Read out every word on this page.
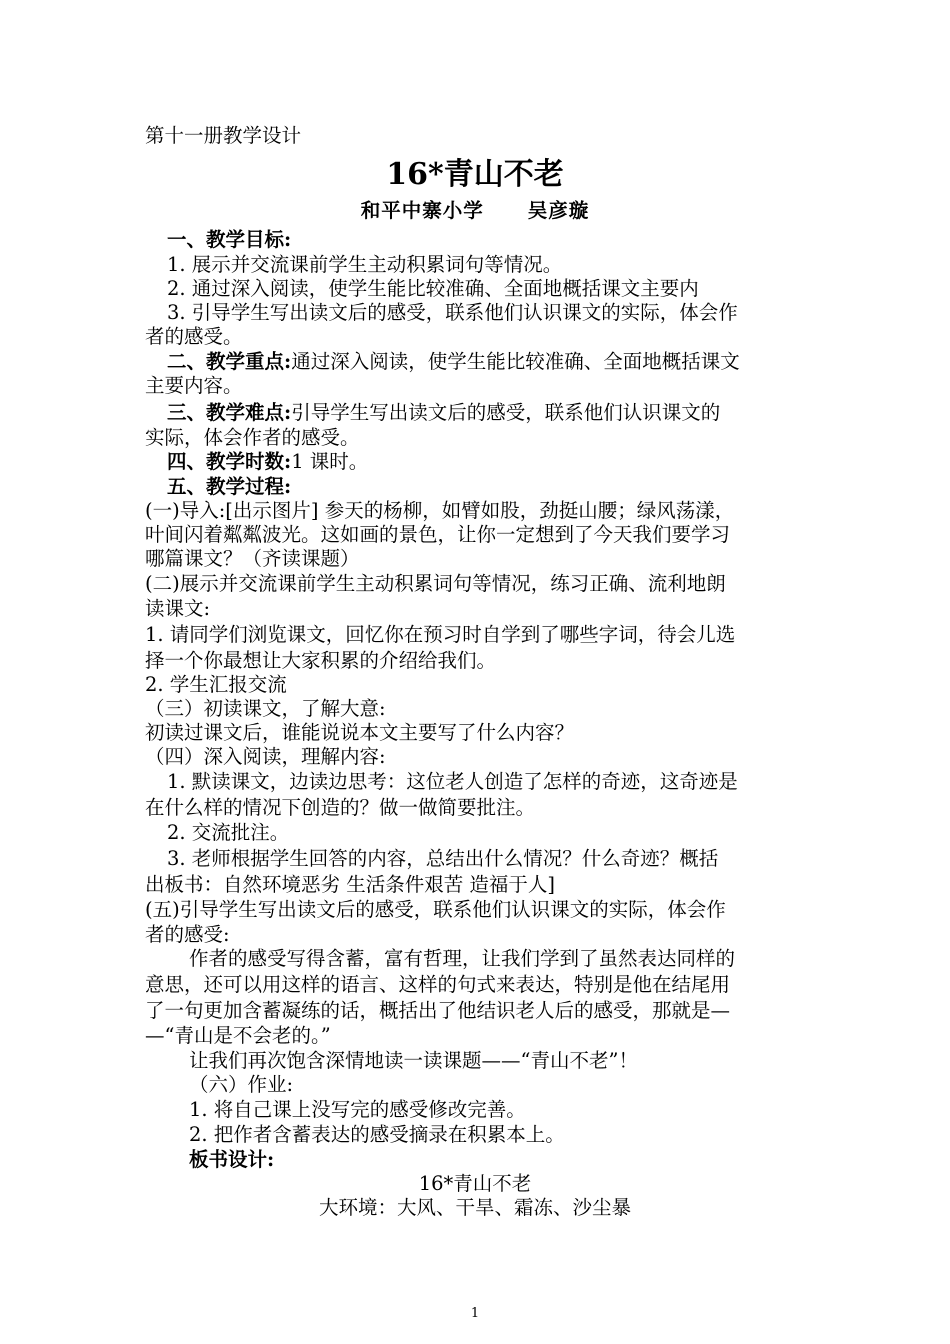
第十一册教学设计
16*青山不老
和平中寨小学 吴彦璇
一、教学目标:
1. 展示并交流课前学生主动积累词句等情况。
2. 通过深入阅读，使学生能比较准确、全面地概括课文主要内
3. 引导学生写出读文后的感受，联系他们认识课文的实际，体会作
者的感受。
二、教学重点:通过深入阅读，使学生能比较准确、全面地概括课文
主要内容。
三、教学难点:引导学生写出读文后的感受，联系他们认识课文的
实际，体会作者的感受。
四、教学时数:1 课时。
五、教学过程:
(一)导入:[出示图片] 参天的杨柳，如臂如股，劲挺山腰；绿风荡漾，
叶间闪着粼粼波光。这如画的景色，让你一定想到了今天我们要学习
哪篇课文？（齐读课题）
(二)展示并交流课前学生主动积累词句等情况，练习正确、流利地朗
读课文:
1. 请同学们浏览课文，回忆你在预习时自学到了哪些字词，待会儿选
择一个你最想让大家积累的介绍给我们。
2. 学生汇报交流
（三）初读课文，了解大意:
初读过课文后，谁能说说本文主要写了什么内容？
（四）深入阅读，理解内容:
1. 默读课文，边读边思考：这位老人创造了怎样的奇迹，这奇迹是
在什么样的情况下创造的？做一做简要批注。
2. 交流批注。
3. 老师根据学生回答的内容，总结出什么情况？什么奇迹？概括
出板书：自然环境恶劣 生活条件艰苦 造福于人]
(五)引导学生写出读文后的感受，联系他们认识课文的实际，体会作
者的感受:
作者的感受写得含蓄，富有哲理，让我们学到了虽然表达同样的
意思，还可以用这样的语言、这样的句式来表达，特别是他在结尾用
了一句更加含蓄凝练的话，概括出了他结识老人后的感受，那就是—
—“青山是不会老的。”
让我们再次饱含深情地读一读课题——“青山不老”！
（六）作业:
1. 将自己课上没写完的感受修改完善。
2. 把作者含蓄表达的感受摘录在积累本上。
板书设计:
16*青山不老
大环境：大风、干旱、霜冻、沙尘暴
1
